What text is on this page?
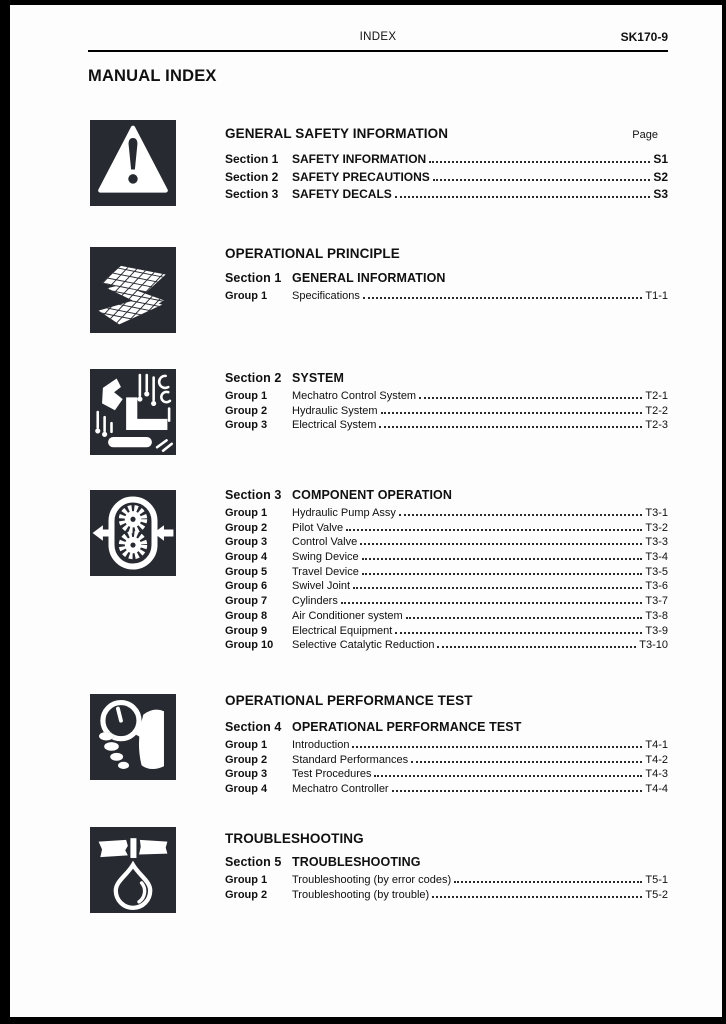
INDEX	SK170-9
MANUAL INDEX
GENERAL SAFETY INFORMATION	Page
Section 1	SAFETY INFORMATION	S1
Section 2	SAFETY PRECAUTIONS	S2
Section 3	SAFETY DECALS	S3
OPERATIONAL PRINCIPLE
Section 1 GENERAL INFORMATION
Group 1	Specifications	T1-1
Section 2 SYSTEM
Group 1	Mechatro Control System	T2-1
Group 2	Hydraulic System	T2-2
Group 3	Electrical System	T2-3
Section 3 COMPONENT OPERATION
Group 1	Hydraulic Pump Assy	T3-1
Group 2	Pilot Valve	T3-2
Group 3	Control Valve	T3-3
Group 4	Swing Device	T3-4
Group 5	Travel Device	T3-5
Group 6	Swivel Joint	T3-6
Group 7	Cylinders	T3-7
Group 8	Air Conditioner system	T3-8
Group 9	Electrical Equipment	T3-9
Group 10	Selective Catalytic Reduction	T3-10
OPERATIONAL PERFORMANCE TEST
Section 4 OPERATIONAL PERFORMANCE TEST
Group 1	Introduction	T4-1
Group 2	Standard Performances	T4-2
Group 3	Test Procedures	T4-3
Group 4	Mechatro Controller	T4-4
TROUBLESHOOTING
Section 5 TROUBLESHOOTING
Group 1	Troubleshooting (by error codes)	T5-1
Group 2	Troubleshooting (by trouble)	T5-2
